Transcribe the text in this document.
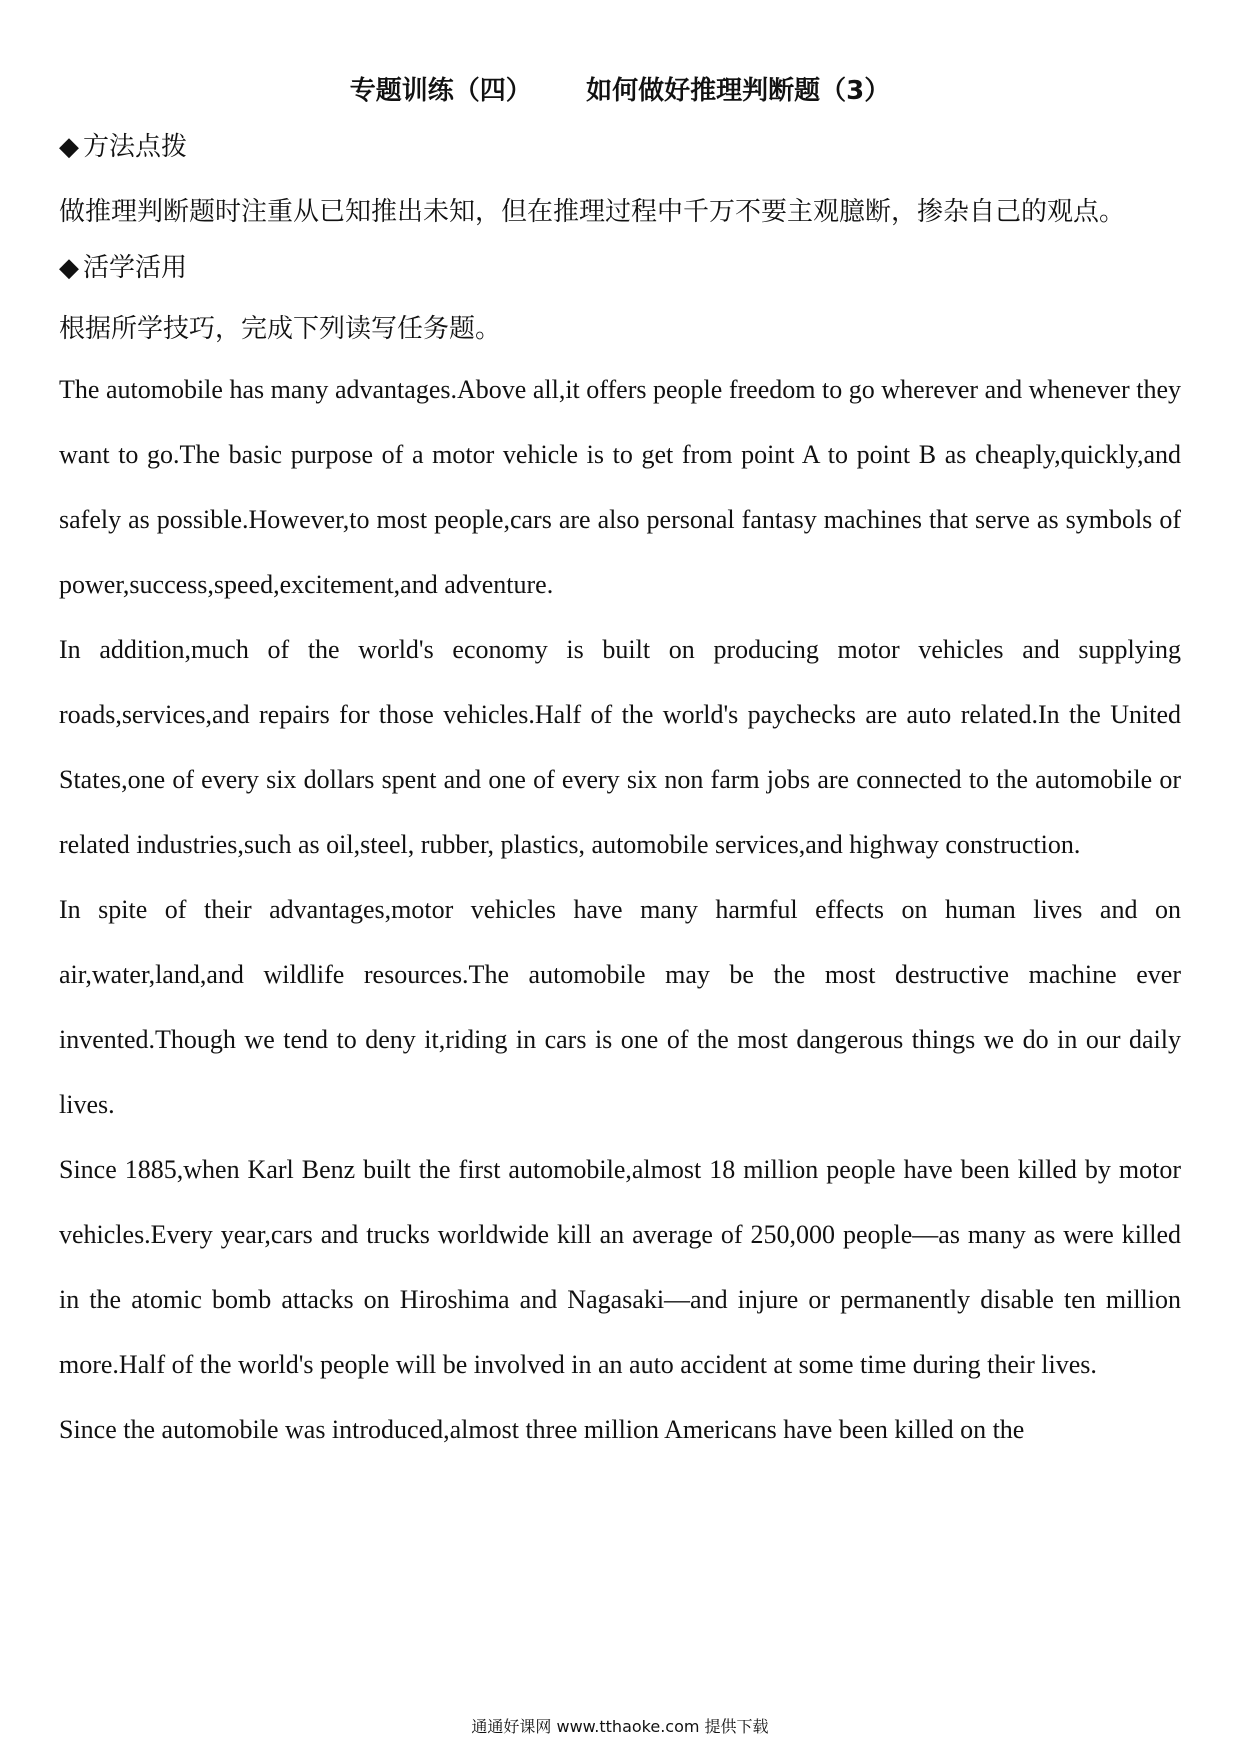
专题训练（四）      如何做好推理判断题（3）
◆ 方法点拨

做推理判断题时注重从已知推出未知，但在推理过程中千万不要主观臆断，掺杂自己的观点。

◆ 活学活用

根据所学技巧，完成下列读写任务题。

The automobile has many advantages.Above all,it offers people freedom to go wherever and whenever they want to go.The basic purpose of a motor vehicle is to get from point A to point B as cheaply,quickly,and safely as possible.However,to most people,cars are also personal fantasy machines that serve as symbols of power,success,speed,excitement,and adventure.

In addition,much of the world's economy is built on producing motor vehicles and supplying roads,services,and repairs for those vehicles.Half of the world's paychecks are auto related.In the United States,one of every six dollars spent and one of every six non farm jobs are connected to the automobile or related industries,such as oil,steel, rubber, plastics, automobile services,and highway construction.

In spite of their advantages,motor vehicles have many harmful effects on human lives and on air,water,land,and wildlife resources.The automobile may be the most destructive machine ever invented.Though we tend to deny it,riding in cars is one of the most dangerous things we do in our daily lives.

Since 1885,when Karl Benz built the first automobile,almost 18 million people have been killed by motor vehicles.Every year,cars and trucks worldwide kill an average of 250,000 people—as many as were killed in the atomic bomb attacks on Hiroshima and Nagasaki—and injure or permanently disable ten million more.Half of the world's people will be involved in an auto accident at some time during their lives.

Since the automobile was introduced,almost three million Americans have been killed on the

通通好课网 www.tthaoke.com 提供下载
